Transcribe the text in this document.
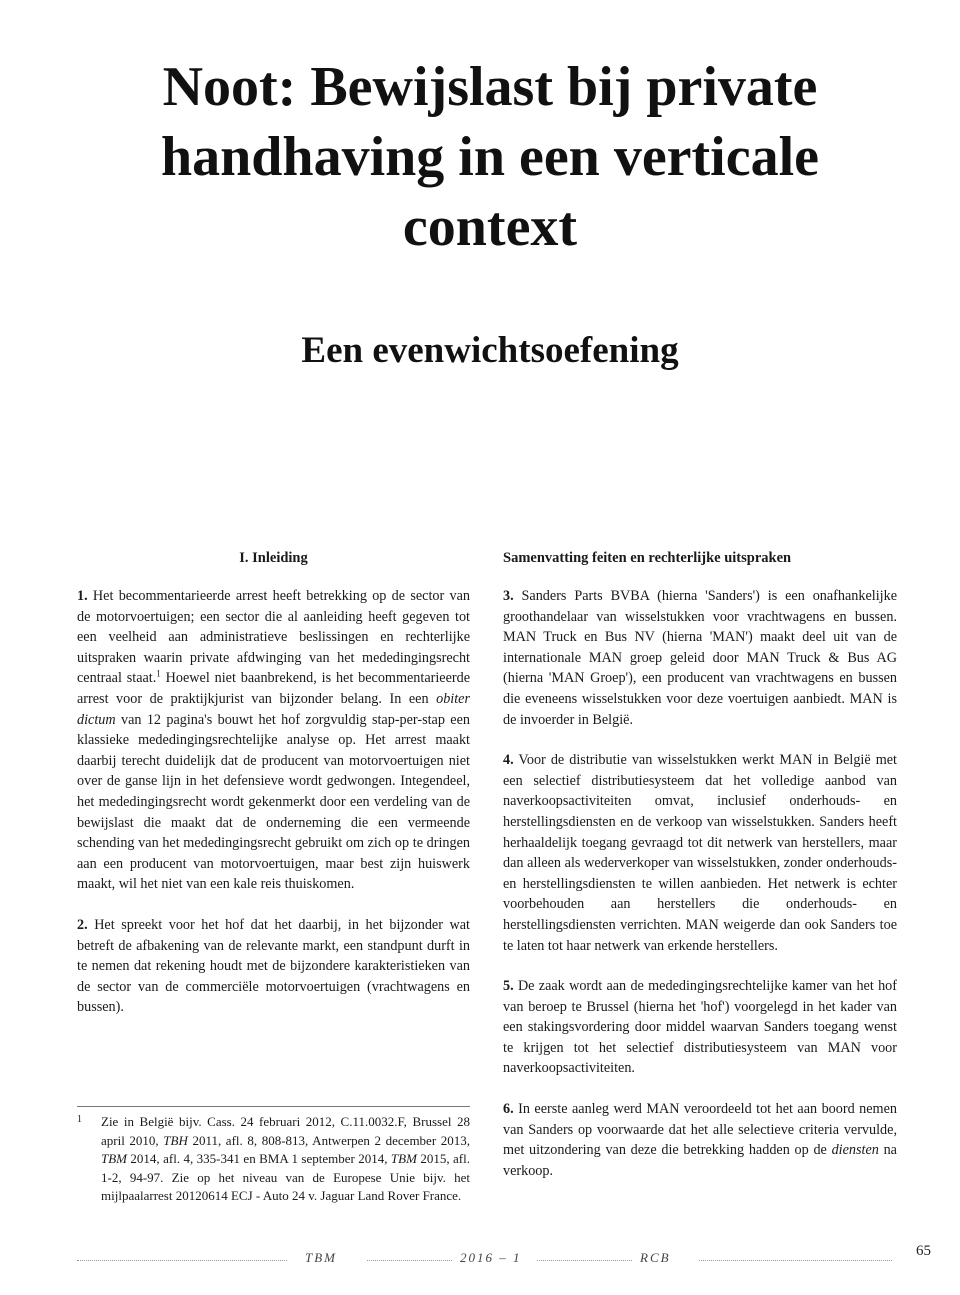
Noot: Bewijslast bij private handhaving in een verticale context
Een evenwichtsoefening
I. Inleiding

1. Het becommentarieerde arrest heeft betrekking op de sector van de motorvoertuigen; een sector die al aanleiding heeft gegeven tot een veelheid aan administratieve beslissingen en rechterlijke uitspraken waarin private afdwinging van het mededingingsrecht centraal staat.$^1$ Hoewel niet baanbrekend, is het becommentarieerde arrest voor de praktijkjurist van bijzonder belang. In een obiter dictum van 12 pagina's bouwt het hof zorgvuldig stap-per-stap een klassieke mededingingsrechtelijke analyse op. Het arrest maakt daarbij terecht duidelijk dat de producent van motorvoertuigen niet over de ganse lijn in het defensieve wordt gedwongen. Integendeel, het mededingingsrecht wordt gekenmerkt door een verdeling van de bewijslast die maakt dat de onderneming die een vermeende schending van het mededingingsrecht gebruikt om zich op te dringen aan een producent van motorvoertuigen, maar best zijn huiswerk maakt, wil het niet van een kale reis thuiskomen.

2. Het spreekt voor het hof dat het daarbij, in het bijzonder wat betreft de afbakening van de relevante markt, een standpunt durft in te nemen dat rekening houdt met de bijzondere karakteristieken van de sector van de commerciële motorvoertuigen (vrachtwagens en bussen).

Samenvatting feiten en rechterlijke uitspraken

3. Sanders Parts BVBA (hierna 'Sanders') is een onafhankelijke groothandelaar van wisselstukken voor vrachtwagens en bussen. MAN Truck en Bus NV (hierna 'MAN') maakt deel uit van de internationale MAN groep geleid door MAN Truck & Bus AG (hierna 'MAN Groep'), een producent van vrachtwagens en bussen die eveneens wisselstukken voor deze voertuigen aanbiedt. MAN is de invoerder in België.

4. Voor de distributie van wisselstukken werkt MAN in België met een selectief distributiesysteem dat het volledige aanbod van naverkoopsactiviteiten omvat, inclusief onderhouds- en herstellingsdiensten en de verkoop van wisselstukken. Sanders heeft herhaaldelijk toegang gevraagd tot dit netwerk van herstellers, maar dan alleen als wederverkoper van wisselstukken, zonder onderhouds- en herstellingsdiensten te willen aanbieden. Het netwerk is echter voorbehouden aan herstellers die onderhouds- en herstellingsdiensten verrichten. MAN weigerde dan ook Sanders toe te laten tot haar netwerk van erkende herstellers.

5. De zaak wordt aan de mededingingsrechtelijke kamer van het hof van beroep te Brussel (hierna het 'hof') voorgelegd in het kader van een stakingsvordering door middel waarvan Sanders toegang wenst te krijgen tot het selectief distributiesysteem van MAN voor naverkoopsactiviteiten.

6. In eerste aanleg werd MAN veroordeeld tot het aan boord nemen van Sanders op voorwaarde dat het alle selectieve criteria vervulde, met uitzondering van deze die betrekking hadden op de diensten na verkoop.

1	Zie in België bijv. Cass. 24 februari 2012, C.11.0032.F, Brussel 28 april 2010, TBH 2011, afl. 8, 808-813, Antwerpen 2 december 2013, TBM 2014, afl. 4, 335-341 en BMA 1 september 2014, TBM 2015, afl. 1-2, 94-97. Zie op het niveau van de Europese Unie bijv. het mijlpaalarrest 20120614 ECJ - Auto 24 v. Jaguar Land Rover France.
TBM	2016 – 1	RCB	65
